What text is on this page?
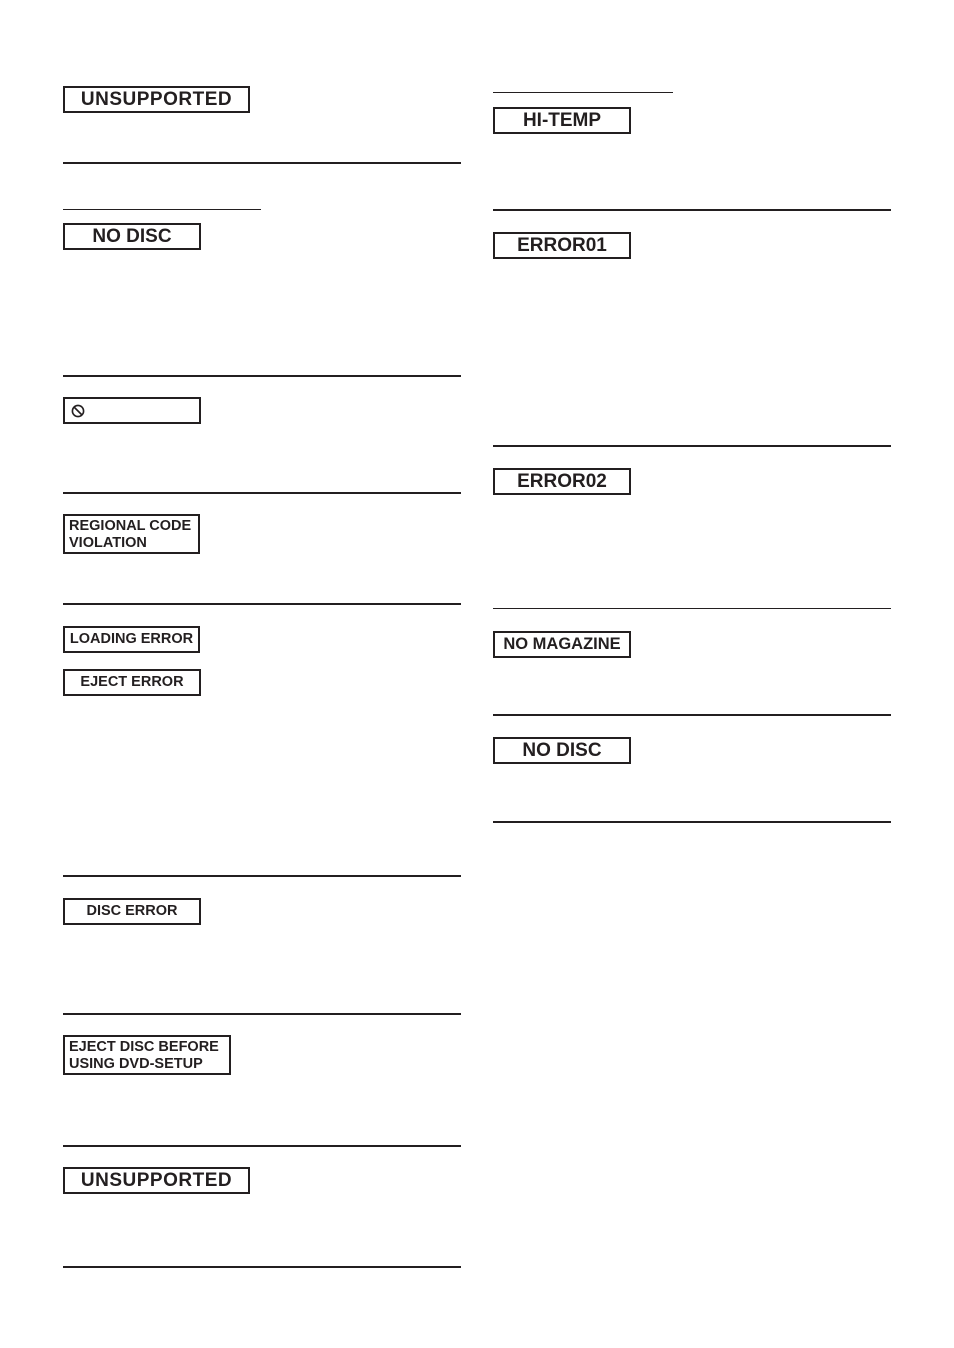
UNSUPPORTED
NO DISC
REGIONAL CODE
VIOLATION
LOADING ERROR
EJECT ERROR
DISC ERROR
EJECT DISC BEFORE
USING DVD-SETUP
UNSUPPORTED
HI-TEMP
ERROR01
ERROR02
NO MAGAZINE
NO DISC
